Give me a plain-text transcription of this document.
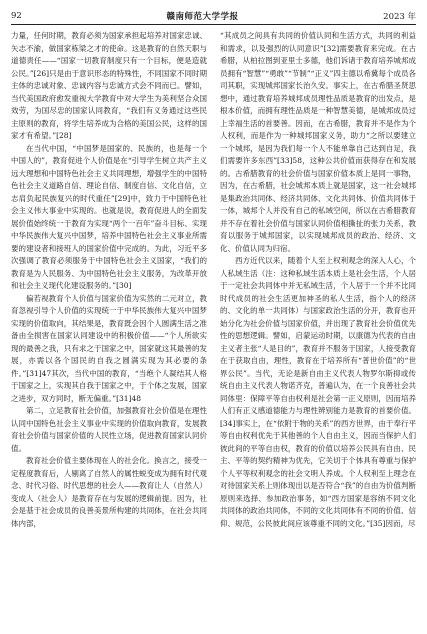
92	赣南师范大学学报	2023 年

力量，任何时期，教育必须为国家承担起培养对国家忠诚、矢志不渝，做国家栋梁之才的使命。这是教育的自然天职与道德责任——“国家一切教育制度只有一个目标，便是造就公民。”[26]只是由于意识形态的特殊性，不同国家不同时期主体的忠诚对象、忠诚内容与忠诚方式会不同而已。譬如，当代美国政府愈发重视大学教育中对大学生为美利坚合众国效劳，为国尽忠的国家认同教育，“我们有义务通过这些民主原则的教育，将学生培养成为合格的美国公民，这样的国家才有希望。”[28]

在当代中国，“中国梦是国家的、民族的，也是每一个中国人的”，教育促进个人价值是在“引导学生树立共产主义远大理想和中国特色社会主义共同理想，增强学生的中国特色社会主义道路自信、理论自信、制度自信、文化自信，立志肩负起民族复兴的时代重任”[29]中，致力于中国特色社会主义伟大事业中实现的。也就是说，教育促进人的全面发展价值始终统一于教育为实现“两个一百年”奋斗目标、实现中华民族伟大复兴中国梦，培养中国特色社会主义事业所需要的建设者和接班人的国家价值中完成的。为此，习近平多次强调了教育必须服务于中国特色社会主义国家，“我们的教育是为人民服务、为中国特色社会主义服务，为改革开放和社会主义现代化建设服务的。”[30]

偏若视教育个人价值与国家价值为实然的二元对立，教育忽视引导个人价值的实现统一于中华民族伟大复兴中国梦实现的价值取向，其结果是，教育既会因个人圆满生活之准备由全损害在国家认同建设中的积极价值——“个人所欲实现的最善之我，只有求之于国家之中，国家就这其最善的发展，亦需以各个国民的自我之圆满实现为其必要的条件。”[31]47其次，当代中国的教育，“当绝个人凝结其人格于国家之上，实现其自我于国家之中，于个体之发展，国家之进步，双方同时，断无偏重。”[31]48

第二，立足教育社会价值，加强教育社会价值是在理性认同中国特色社会主义事业中实现的价值取向教育，发展教育社会价值与国家价值的人民性立场，促进教育国家认同价值。

教育社会价值主要体现在人的社会化。换言之，接受一定程度教育后，人剔离了自然人的属性蜕变成为拥有时代观念、时代习俗、时代思想的社会人——教育让人（自然人）变成人（社会人）是教育存在与发展的逻辑前提。因为，社会是基于社会成员的良善美景所构建的共同体，在社会共同体内部，

“其成员之间具有共同的价值认同和生活方式，共同的利益和需求，以及强烈的认同意识”[32]需要教育来完成。在古希腊，从柏拉图到亚里士多德，他们诉诸于教育培养城邦成员拥有“智慧”“勇敢”“节制”“正义”四主德以希冀每个成员各司其职，实现城邦国家长治久安。事实上，在古希腊圣贤思想中，通过教育培养城邦成员理性品质是教育的出发点，是根本价值，而拥有理性品质是一种智慧美德，是城邦成员过上幸福生活的首要善。因而，在古希腊，教育并不是作为个人权利，而是作为一种城邦国家义务，助力“之所以要建立一个城邦，是因为我们每一个人不能单靠自己达到自足，我们需要许多东西”[33]58，这种公共价值而获得存在和发展的。古希腊教育的社会价值与国家价值本质上是同一事物，因为，在古希腊，社会城邦本质上就是国家，这一社会城邦是集政治共同体、经济共同体、文化共同体、价值共同体于一体，城邦个人并没有自己的私域空间，所以在古希腊教育并不存在着社会价值与国家认同价值相撕扯的张力关系，教育以服务于城邦国家，以实现城邦成员的政治、经济、文化、价值认同为归宿。

西方近代以来，随着个人至上权利观念的深入人心，个人私域生活（注：这种私域生活本质上是社会生活，个人居于一定社会共同体中并无私域生活，个人居于一个并不比同时代成员的社会生活更加神圣的私人生活，指个人的经济的、文化的单一共同体）与国家政治生活的分开，教育也开始分化为社会价值与国家价值，并出现了教育社会价值优先性的思想逻辑。譬如，启蒙运动时期，以康德为代表的自由主义者主张“人是目的”，教育并不服务于国家，人接受教育在于获取自由，理性，教育在于培养所有“普世价值”的“世界公民”。当代，无论是新自由主义代表人物罗尔斯抑或传统自由主义代表人物诺齐克，普遍认为，在一个良善社会共同体里：保障平等自由权利是社会第一正义原则，因而培养人们有正义感道德能力与理性辨别能力是教育的首要价值。[34]事实上，在“依附于物的关系”的西方世界，由于奉行平等自由权利优先于其他善的个人自由主义，因而当保护人们彼此间的平等自由权，教育的价值以培养公民具有自由、民主、平等的契约精神为优先，它关切于个体具有尊重与保护个人平等权利观念的社会文明人养成。个人权利至上理念在对待国家关系上则体现出以是否符合“我”的自由为价值判断原则来选择、参加政治事务，如“西方国家是容纳不同文化共同体的政治共同体，不同的文化共同体有不同的价值、信仰、规范，公民彼此间应该尊重不同的文化。”[35]因而，尽
